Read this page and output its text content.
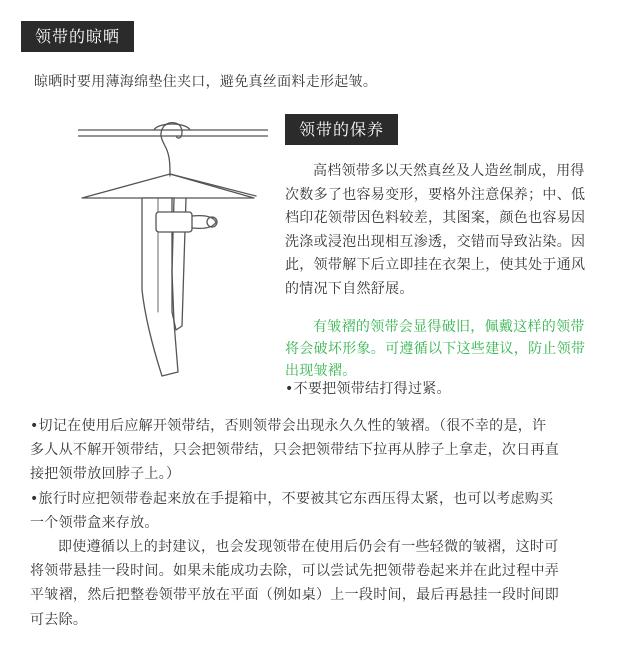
领带的晾晒

晾晒时要用薄海绵垫住夹口，避免真丝面料走形起皱。

领带的保养
高档领带多以天然真丝及人造丝制成，用得
次数多了也容易变形，要格外注意保养；中、低
档印花领带因色料较差，其图案，颜色也容易因
洗涤或浸泡出现相互渗透，交错而导致沾染。因
此，领带解下后立即挂在衣架上，使其处于通风
的情况下自然舒展。
有皱褶的领带会显得破旧，佩戴这样的领带
将会破坏形象。可遵循以下这些建议，防止领带
出现皱褶。

•不要把领带结打得过紧。

•切记在使用后应解开领带结，否则领带会出现永久久性的皱褶。（很不幸的是，许
多人从不解开领带结，只会把领带结，只会把领带结下拉再从脖子上拿走，次日再直
接把领带放回脖子上。）
•旅行时应把领带卷起来放在手提箱中，不要被其它东西压得太紧，也可以考虑购买
一个领带盒来存放。
即使遵循以上的封建议，也会发现领带在使用后仍会有一些轻微的皱褶，这时可
将领带悬挂一段时间。如果未能成功去除，可以尝试先把领带卷起来并在此过程中弄
平皱褶，然后把整卷领带平放在平面（例如桌）上一段时间，最后再悬挂一段时间即
可去除。
